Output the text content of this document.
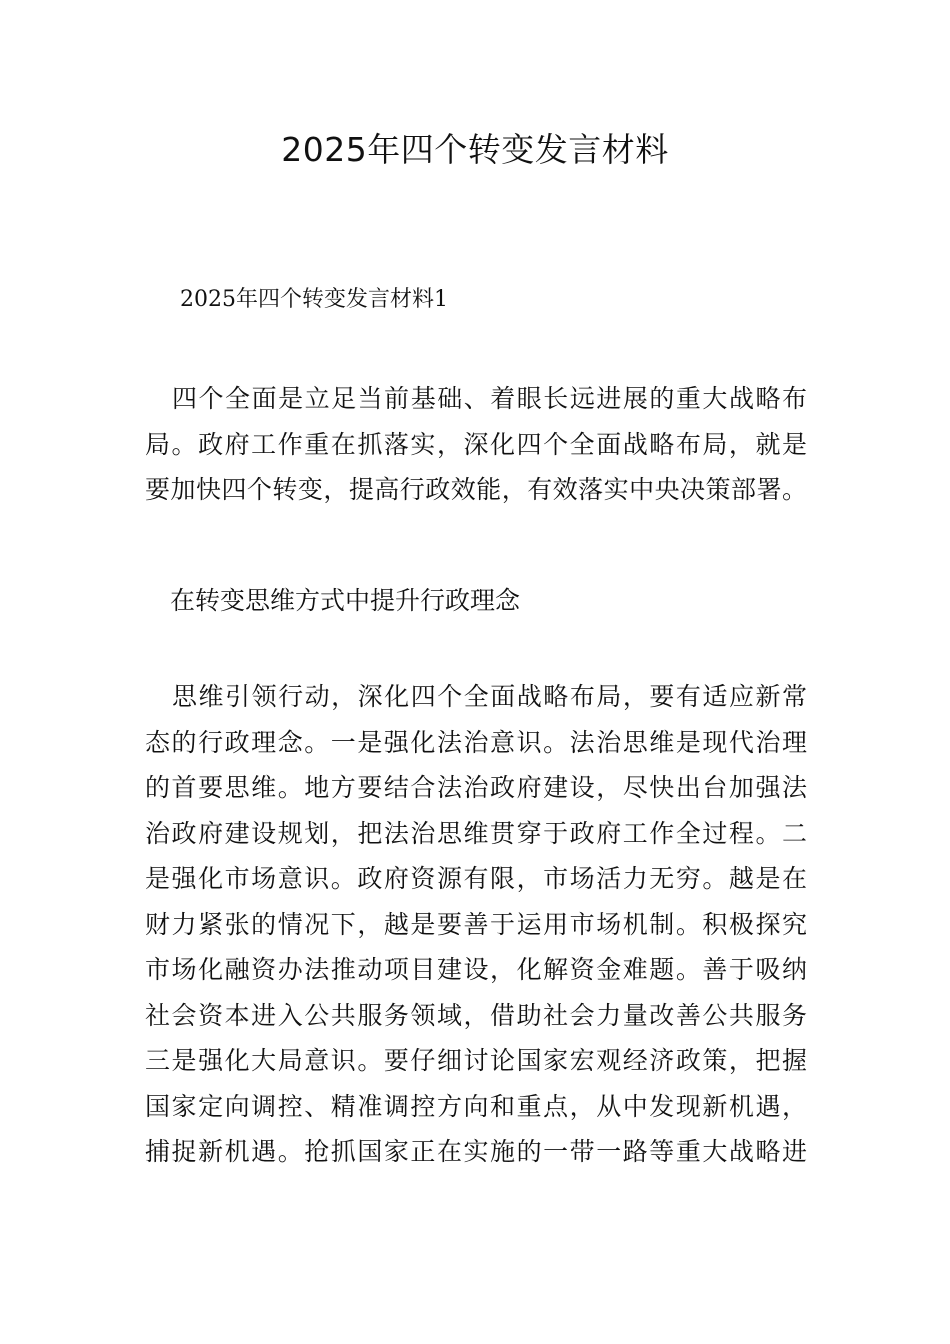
2025年四个转变发言材料

2025年四个转变发言材料1

四个全面是立足当前基础、着眼长远进展的重大战略布
局。政府工作重在抓落实，深化四个全面战略布局，就是
要加快四个转变，提高行政效能，有效落实中央决策部署。
在转变思维方式中提升行政理念
思维引领行动，深化四个全面战略布局，要有适应新常
态的行政理念。一是强化法治意识。法治思维是现代治理
的首要思维。地方要结合法治政府建设，尽快出台加强法
治政府建设规划，把法治思维贯穿于政府工作全过程。二
是强化市场意识。政府资源有限，市场活力无穷。越是在
财力紧张的情况下，越是要善于运用市场机制。积极探究
市场化融资办法推动项目建设，化解资金难题。善于吸纳
社会资本进入公共服务领域，借助社会力量改善公共服务
三是强化大局意识。要仔细讨论国家宏观经济政策，把握
国家定向调控、精准调控方向和重点，从中发现新机遇，
捕捉新机遇。抢抓国家正在实施的一带一路等重大战略进
